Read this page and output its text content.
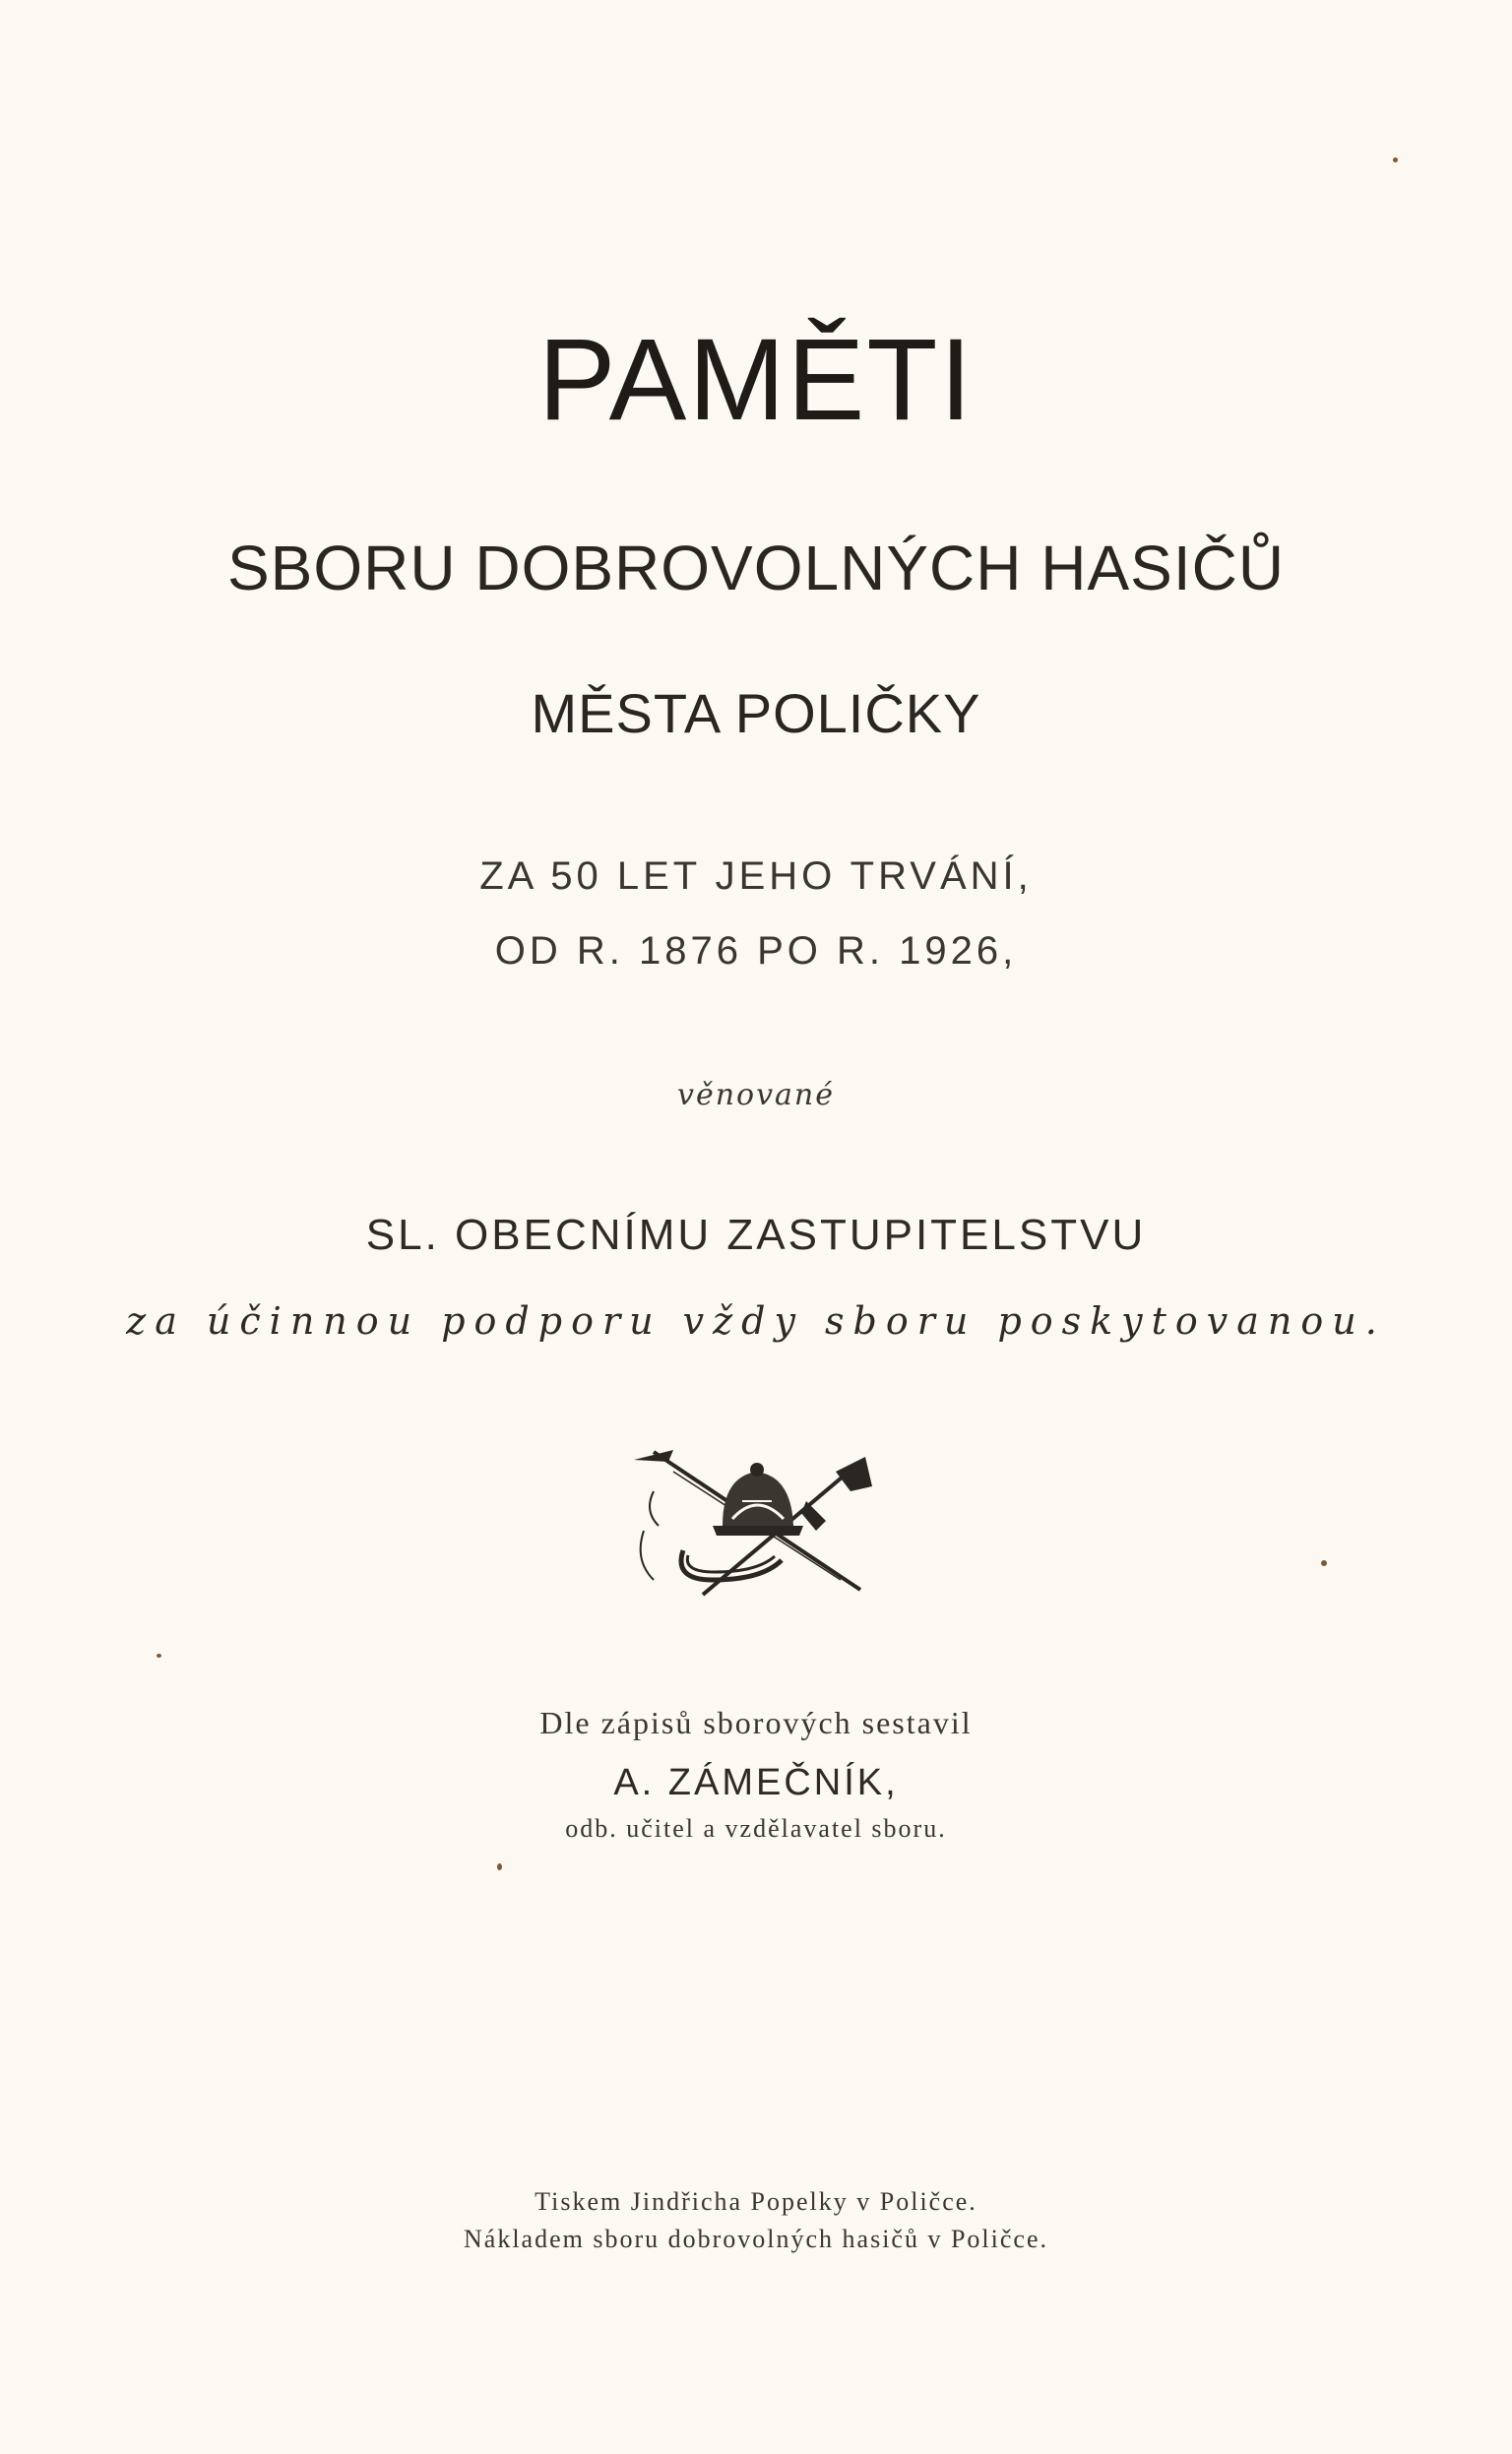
PAMĚTI
SBORU DOBROVOLNÝCH HASIČŮ
MĚSTA POLIČKY
ZA 50 LET JEHO TRVÁNÍ,
OD R. 1876 PO R. 1926,
věnované
SL. OBECNÍMU ZASTUPITELSTVU
za účinnou podporu vždy sboru poskytovanou.
Dle zápisů sborových sestavil
A. ZÁMEČNÍK,
odb. učitel a vzdělavatel sboru.
Tiskem Jindřicha Popelky v Poličce.
Nákladem sboru dobrovolných hasičů v Poličce.
